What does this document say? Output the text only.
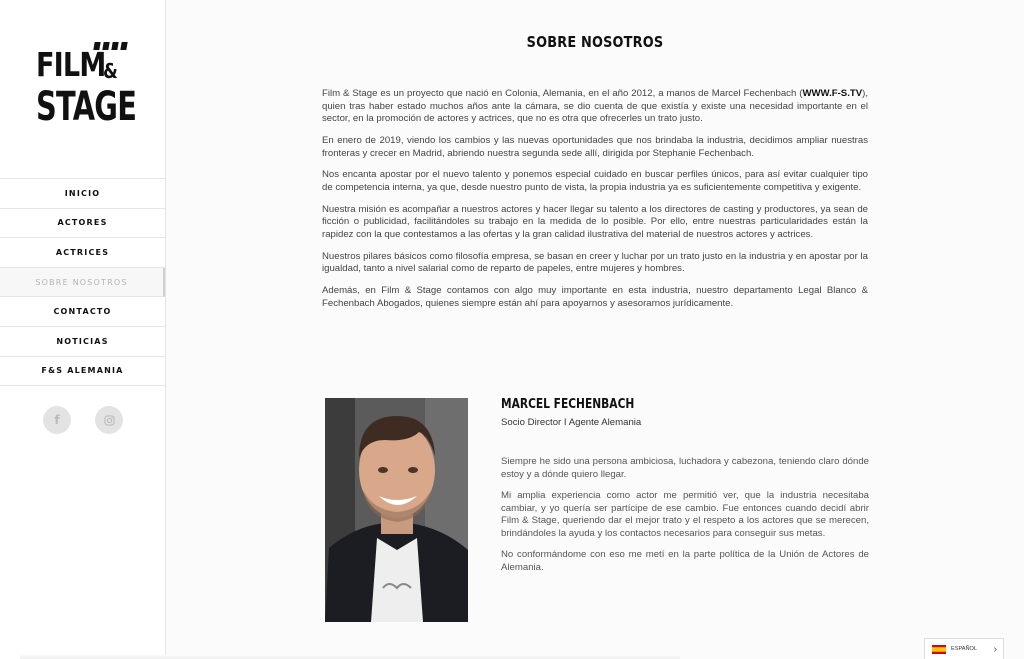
FILM
&
STAGE
INICIO
ACTORES
ACTRICES
SOBRE NOSOTROS
CONTACTO
NOTICIAS
F&S ALEMANIA
f
SOBRE NOSOTROS

Film & Stage es un proyecto que nació en Colonia, Alemania, en el año 2012, a manos de Marcel Fechenbach (WWW.F-S.TV), quien tras haber estado muchos años ante la cámara, se dio cuenta de que existía y existe una necesidad importante en el sector, en la promoción de actores y actrices, que no es otra que ofrecerles un trato justo.

En enero de 2019, viendo los cambios y las nuevas oportunidades que nos brindaba la industria, decidimos ampliar nuestras fronteras y crecer en Madrid, abriendo nuestra segunda sede allí, dirigida por Stephanie Fechenbach.

Nos encanta apostar por el nuevo talento y ponemos especial cuidado en buscar perfiles únicos, para así evitar cualquier tipo de competencia interna, ya que, desde nuestro punto de vista, la propia industria ya es suficientemente competitiva y exigente.

Nuestra misión es acompañar a nuestros actores y hacer llegar su talento a los directores de casting y productores, ya sean de ficción o publicidad, facilitándoles su trabajo en la medida de lo posible. Por ello, entre nuestras particularidades están la rapidez con la que contestamos a las ofertas y la gran calidad ilustrativa del material de nuestros actores y actrices.

Nuestros pilares básicos como filosofía empresa, se basan en creer y luchar por un trato justo en la industria y en apostar por la igualdad, tanto a nivel salarial como de reparto de papeles, entre mujeres y hombres.

Además, en Film & Stage contamos con algo muy importante en esta industria, nuestro departamento Legal Blanco & Fechenbach Abogados, quienes siempre están ahí para apoyarnos y asesorarnos jurídicamente.

MARCEL FECHENBACH
Socio Director I Agente Alemania

Siempre he sido una persona ambiciosa, luchadora y cabezona, teniendo claro dónde estoy y a dónde quiero llegar.

Mi amplia experiencia como actor me permitió ver, que la industria necesitaba cambiar, y yo quería ser partícipe de ese cambio. Fue entonces cuando decidí abrir Film & Stage, queriendo dar el mejor trato y el respeto a los actores que se merecen, brindándoles la ayuda y los contactos necesarios para conseguir sus metas.

No conformándome con eso me metí en la parte política de la Unión de Actores de Alemania.

ESPAÑOL ›
